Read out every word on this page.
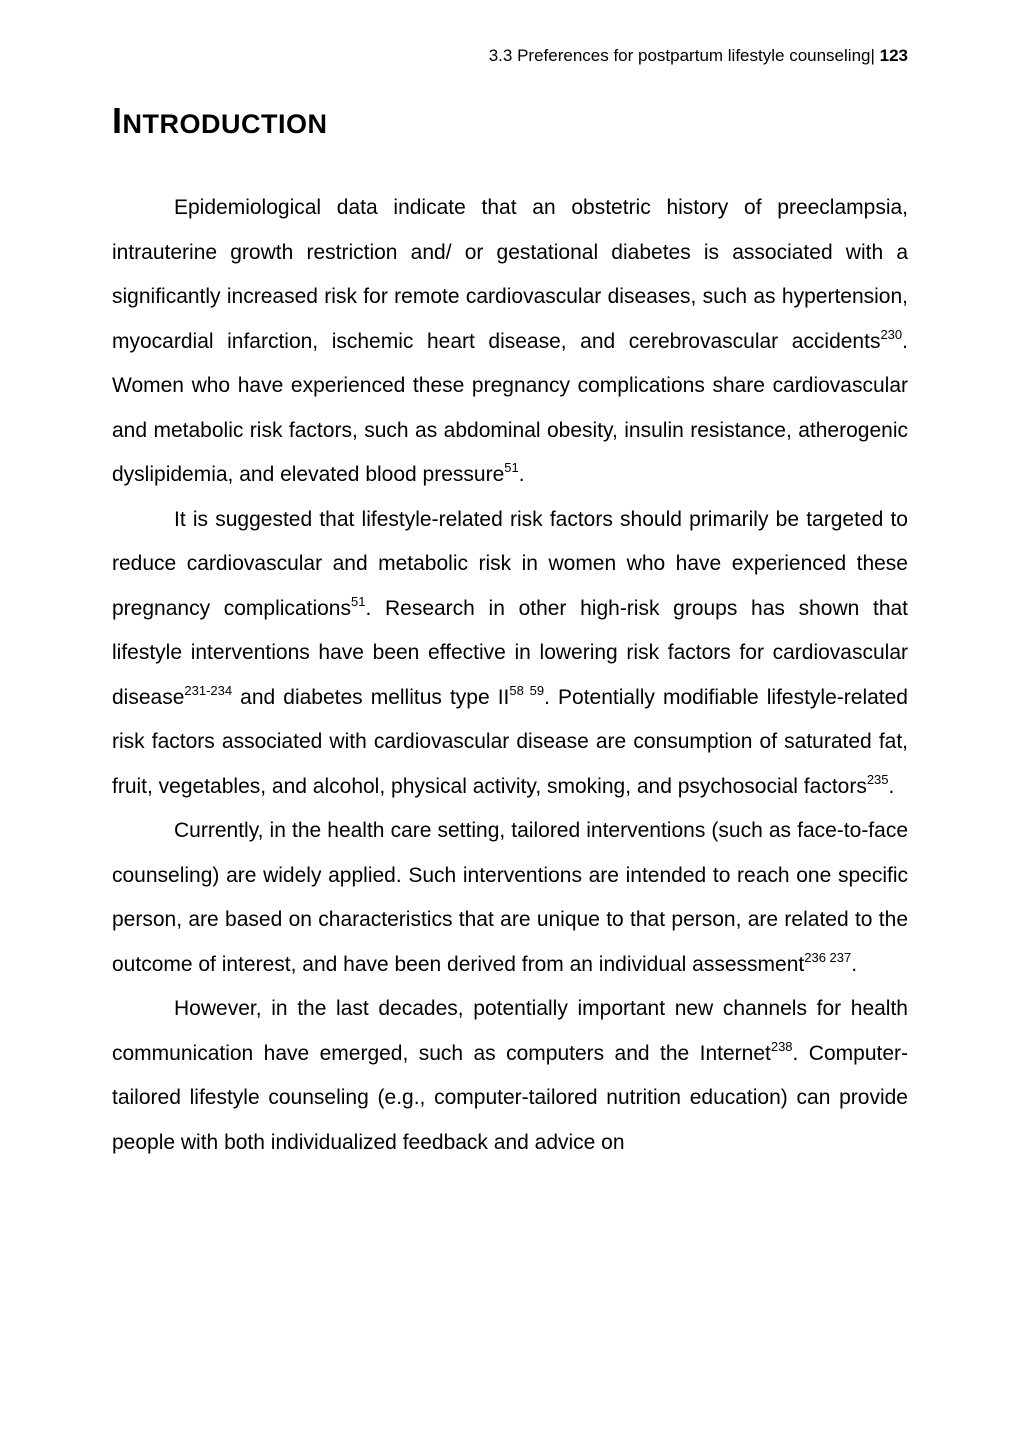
3.3 Preferences for postpartum lifestyle counseling| 123
INTRODUCTION

Epidemiological data indicate that an obstetric history of preeclampsia, intrauterine growth restriction and/ or gestational diabetes is associated with a significantly increased risk for remote cardiovascular diseases, such as hypertension, myocardial infarction, ischemic heart disease, and cerebrovascular accidents$^{230}$. Women who have experienced these pregnancy complications share cardiovascular and metabolic risk factors, such as abdominal obesity, insulin resistance, atherogenic dyslipidemia, and elevated blood pressure$^{51}$.

It is suggested that lifestyle-related risk factors should primarily be targeted to reduce cardiovascular and metabolic risk in women who have experienced these pregnancy complications$^{51}$. Research in other high-risk groups has shown that lifestyle interventions have been effective in lowering risk factors for cardiovascular disease$^{231-234}$ and diabetes mellitus type $II^{58 59}$. Potentially modifiable lifestyle-related risk factors associated with cardiovascular disease are consumption of saturated fat, fruit, vegetables, and alcohol, physical activity, smoking, and psychosocial factors$^{235}$.

Currently, in the health care setting, tailored interventions (such as face-to-face counseling) are widely applied. Such interventions are intended to reach one specific person, are based on characteristics that are unique to that person, are related to the outcome of interest, and have been derived from an individual assessment$^{236 237}$.

However, in the last decades, potentially important new channels for health communication have emerged, such as computers and the Internet$^{238}$. Computer-tailored lifestyle counseling (e.g., computer-tailored nutrition education) can provide people with both individualized feedback and advice on
